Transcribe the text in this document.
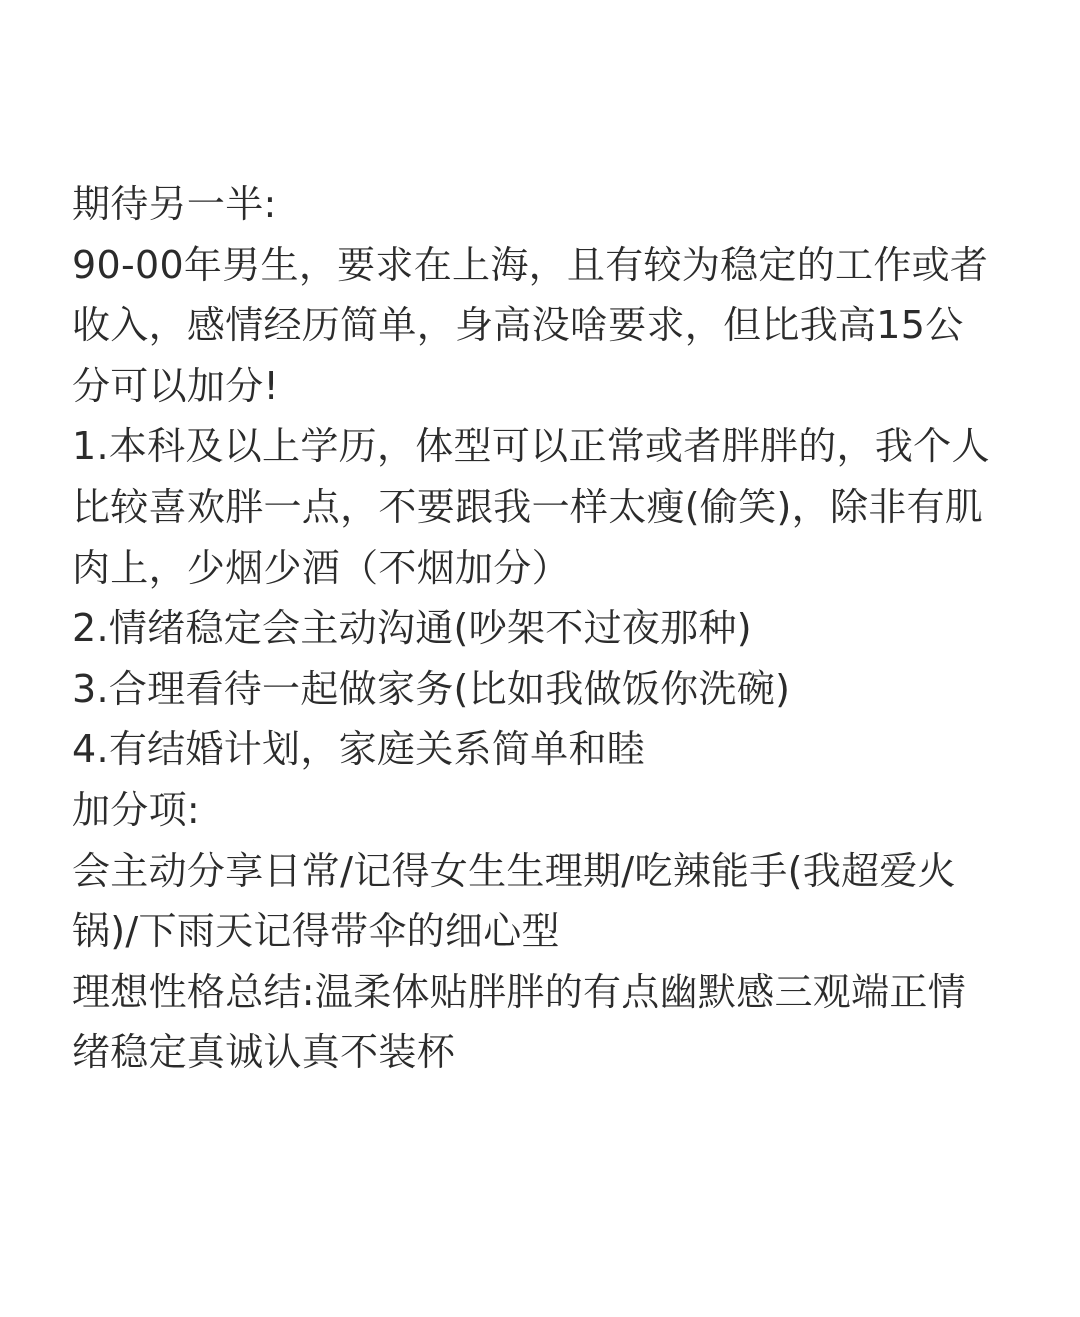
期待另一半:

90-00年男生，要求在上海，且有较为稳定的工作或者收入，感情经历简单，身高没啥要求，但比我高15公分可以加分!

1.本科及以上学历，体型可以正常或者胖胖的，我个人比较喜欢胖一点，不要跟我一样太瘦(偷笑)，除非有肌肉上，少烟少酒（不烟加分）

2.情绪稳定会主动沟通(吵架不过夜那种)

3.合理看待一起做家务(比如我做饭你洗碗)

4.有结婚计划，家庭关系简单和睦

加分项:

会主动分享日常/记得女生生理期/吃辣能手(我超爱火锅)/下雨天记得带伞的细心型

理想性格总结:温柔体贴胖胖的有点幽默感三观端正情绪稳定真诚认真不装杯
